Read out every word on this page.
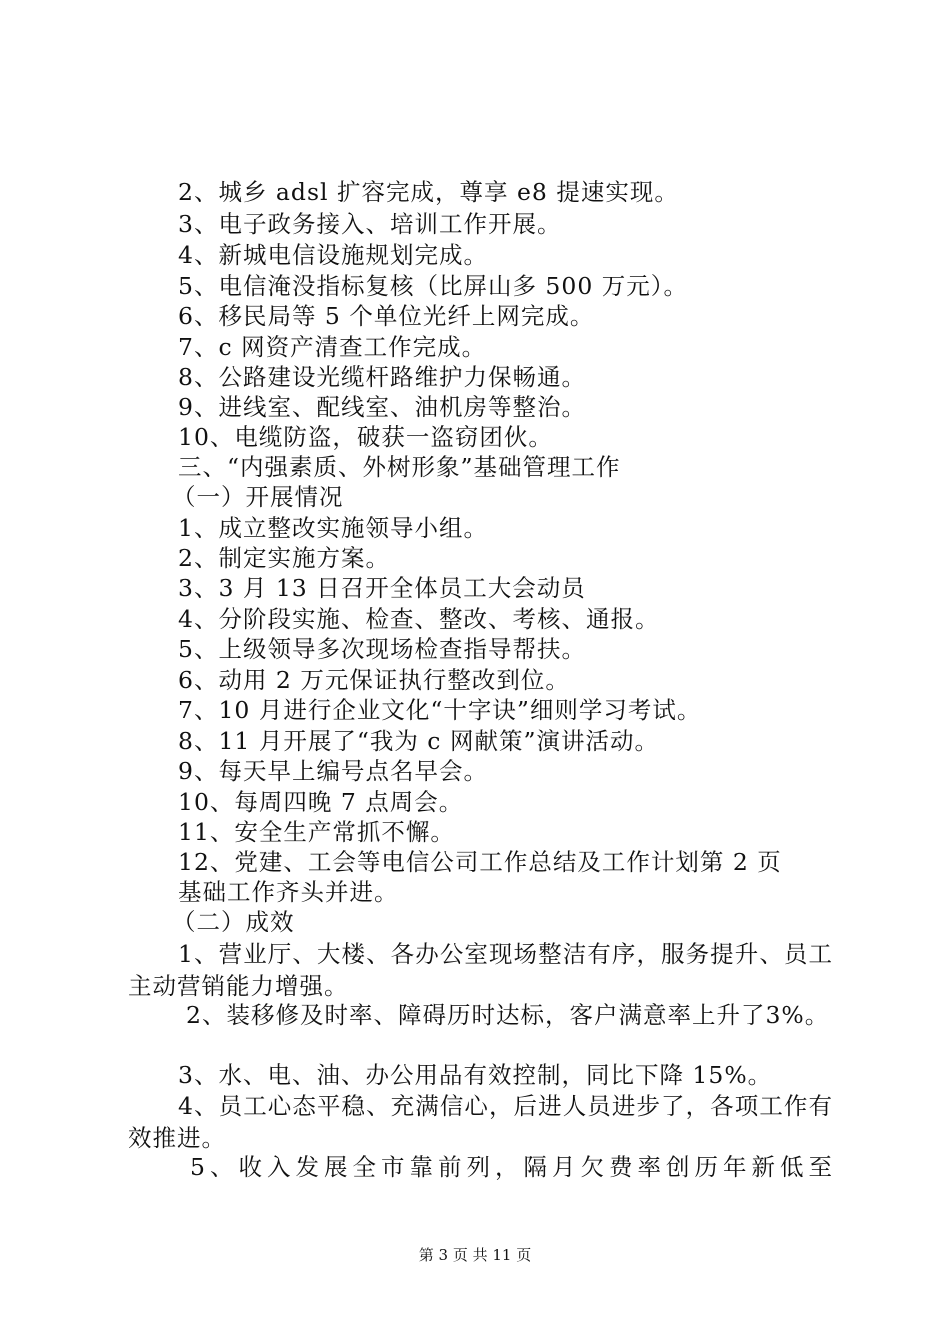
2、城乡 adsl 扩容完成，尊享 e8 提速实现。
3、电子政务接入、培训工作开展。
4、新城电信设施规划完成。
5、电信淹没指标复核（比屏山多 500 万元）。
6、移民局等 5 个单位光纤上网完成。
7、c 网资产清查工作完成。
8、公路建设光缆杆路维护力保畅通。
9、进线室、配线室、油机房等整治。
10、电缆防盗，破获一盗窃团伙。
三、“内强素质、外树形象”基础管理工作
（一）开展情况
1、成立整改实施领导小组。
2、制定实施方案。
3、3 月 13 日召开全体员工大会动员
4、分阶段实施、检查、整改、考核、通报。
5、上级领导多次现场检查指导帮扶。
6、动用 2 万元保证执行整改到位。
7、10 月进行企业文化“十字诀”细则学习考试。
8、11 月开展了“我为 c 网献策”演讲活动。
9、每天早上编号点名早会。
10、每周四晚 7 点周会。
11、安全生产常抓不懈。
12、党建、工会等电信公司工作总结及工作计划第 2 页
基础工作齐头并进。
（二）成效
1、营业厅、大楼、各办公室现场整洁有序，服务提升、员工主动营销能力增强。
2、装移修及时率、障碍历时达标，客户满意率上升了3%。
3、水、电、油、办公用品有效控制，同比下降 15%。
4、员工心态平稳、充满信心，后进人员进步了，各项工作有效推进。
5、收入发展全市靠前列，隔月欠费率创历年新低至
第 3 页 共 11 页
